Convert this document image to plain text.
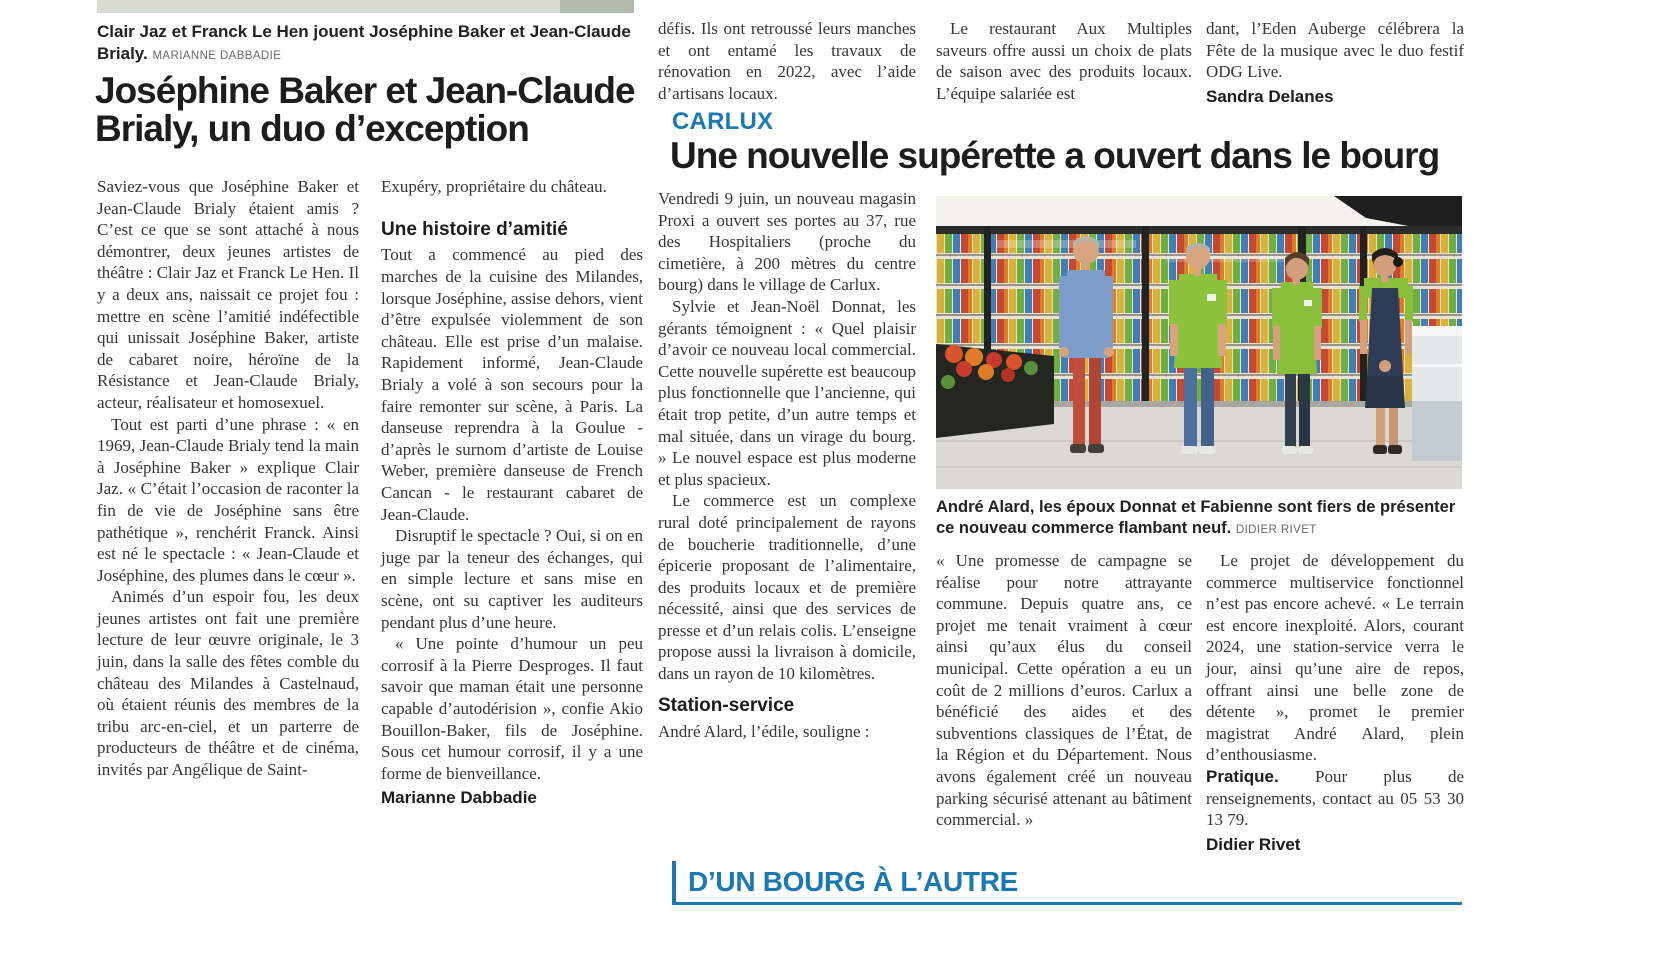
Clair Jaz et Franck Le Hen jouent Joséphine Baker et Jean-Claude Brialy. MARIANNE DABBADIE

Joséphine Baker et Jean-Claude Brialy, un duo d’exception

Saviez-vous que Joséphine Baker et Jean-Claude Brialy étaient amis ? C’est ce que se sont attaché à nous démontrer, deux jeunes artistes de théâtre : Clair Jaz et Franck Le Hen. Il y a deux ans, naissait ce projet fou : mettre en scène l’amitié indéfectible qui unissait Joséphine Baker, artiste de cabaret noire, héroïne de la Résistance et Jean-Claude Brialy, acteur, réalisateur et homosexuel.

Tout est parti d’une phrase : « en 1969, Jean-Claude Brialy tend la main à Joséphine Baker » explique Clair Jaz. « C’était l’occasion de raconter la fin de vie de Joséphine sans être pathétique », renchérit Franck. Ainsi est né le spectacle : « Jean-Claude et Joséphine, des plumes dans le cœur ».

Animés d’un espoir fou, les deux jeunes artistes ont fait une première lecture de leur œuvre originale, le 3 juin, dans la salle des fêtes comble du château des Milandes à Castelnaud, où étaient réunis des membres de la tribu arc-en-ciel, et un parterre de producteurs de théâtre et de cinéma, invités par Angélique de Saint-

Exupéry, propriétaire du château.

Une histoire d’amitié

Tout a commencé au pied des marches de la cuisine des Milandes, lorsque Joséphine, assise dehors, vient d’être expulsée violemment de son château. Elle est prise d’un malaise. Rapidement informé, Jean-Claude Brialy a volé à son secours pour la faire remonter sur scène, à Paris. La danseuse reprendra à la Goulue - d’après le surnom d’artiste de Louise Weber, première danseuse de French Cancan - le restaurant cabaret de Jean-Claude.

Disruptif le spectacle ? Oui, si on en juge par la teneur des échanges, qui en simple lecture et sans mise en scène, ont su captiver les auditeurs pendant plus d’une heure.

« Une pointe d’humour un peu corrosif à la Pierre Desproges. Il faut savoir que maman était une personne capable d’autodérision », confie Akio Bouillon-Baker, fils de Joséphine. Sous cet humour corrosif, il y a une forme de bienveillance.

Marianne Dabbadie

défis. Ils ont retroussé leurs manches et ont entamé les travaux de rénovation en 2022, avec l’aide d’artisans locaux.

Le restaurant Aux Multiples saveurs offre aussi un choix de plats de saison avec des produits locaux. L’équipe salariée est

dant, l’Eden Auberge célébrera la Fête de la musique avec le duo festif ODG Live.

Sandra Delanes
CARLUX
Une nouvelle supérette a ouvert dans le bourg

Vendredi 9 juin, un nouveau magasin Proxi a ouvert ses portes au 37, rue des Hospitaliers (proche du cimetière, à 200 mètres du centre bourg) dans le village de Carlux.

Sylvie et Jean-Noël Donnat, les gérants témoignent : « Quel plaisir d’avoir ce nouveau local commercial. Cette nouvelle supérette est beaucoup plus fonctionnelle que l’ancienne, qui était trop petite, d’un autre temps et mal située, dans un virage du bourg. » Le nouvel espace est plus moderne et plus spacieux.

Le commerce est un complexe rural doté principalement de rayons de boucherie traditionnelle, d’une épicerie proposant de l’alimentaire, des produits locaux et de première nécessité, ainsi que des services de presse et d’un relais colis. L’enseigne propose aussi la livraison à domicile, dans un rayon de 10 kilomètres.

Station-service

André Alard, l’édile, souligne :

André Alard, les époux Donnat et Fabienne sont fiers de présenter ce nouveau commerce flambant neuf. DIDIER RIVET

« Une promesse de campagne se réalise pour notre attrayante commune. Depuis quatre ans, ce projet me tenait vraiment à cœur ainsi qu’aux élus du conseil municipal. Cette opération a eu un coût de 2 millions d’euros. Carlux a bénéficié des aides et des subventions classiques de l’État, de la Région et du Département. Nous avons également créé un nouveau parking sécurisé attenant au bâtiment commercial. »

Le projet de développement du commerce multiservice fonctionnel n’est pas encore achevé. « Le terrain est encore inexploité. Alors, courant 2024, une station-service verra le jour, ainsi qu’une aire de repos, offrant ainsi une belle zone de détente », promet le premier magistrat André Alard, plein d’enthousiasme.

Pratique. Pour plus de renseignements, contact au 05 53 30 13 79.

Didier Rivet
D’UN BOURG À L’AUTRE
